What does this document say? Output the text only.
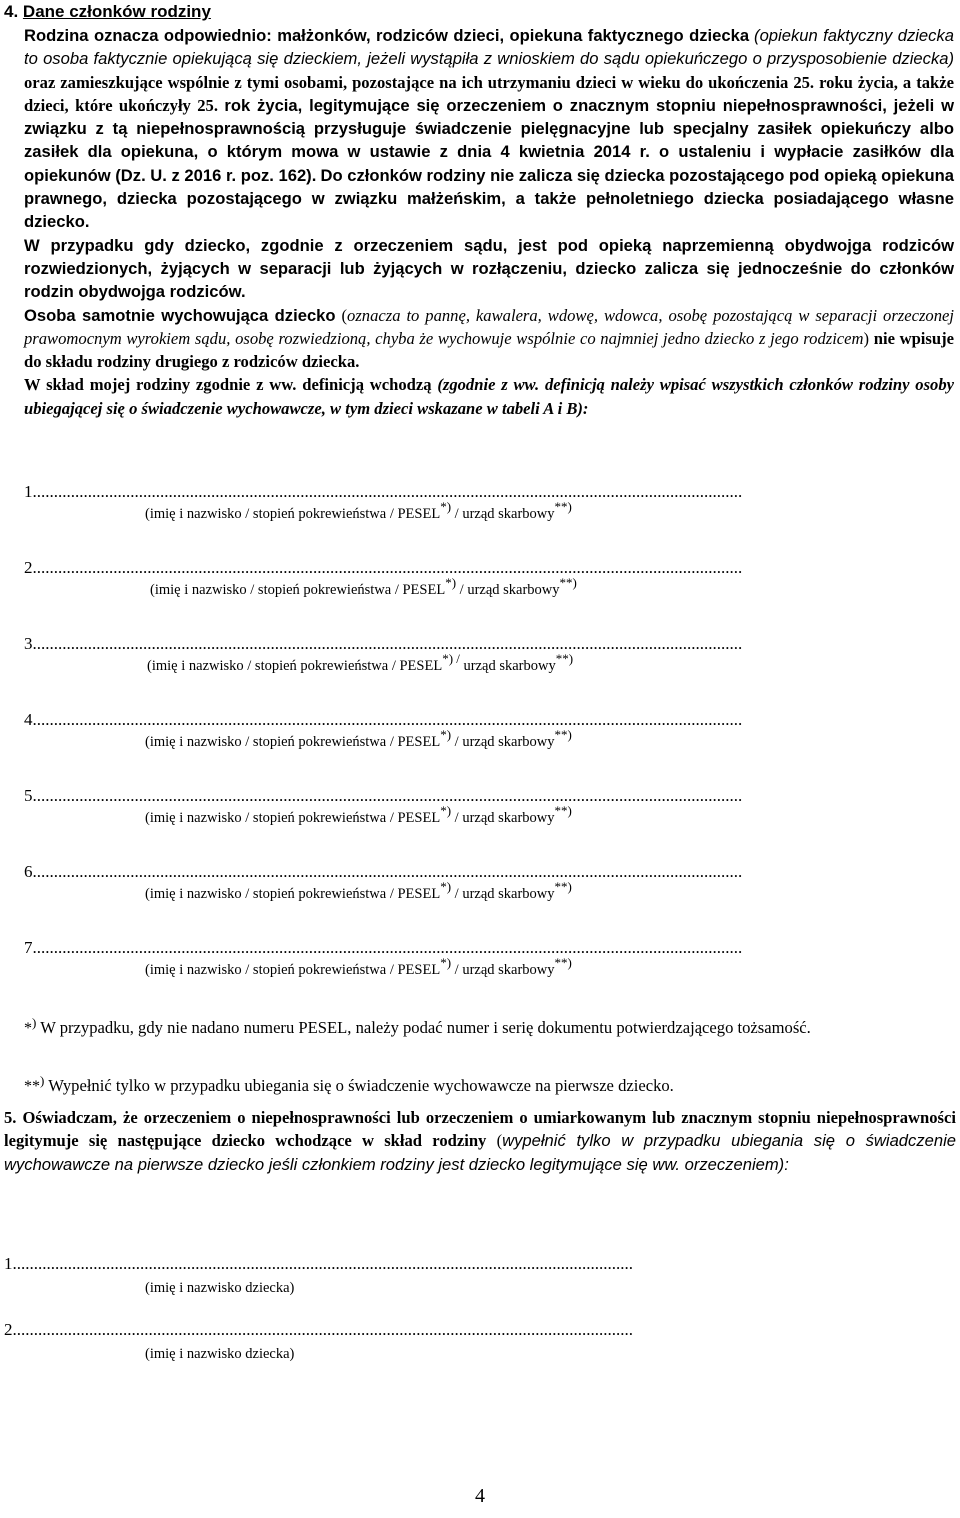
4. Dane członków rodziny

Rodzina oznacza odpowiednio: małżonków, rodziców dzieci, opiekuna faktycznego dziecka (opiekun faktyczny dziecka to osoba faktycznie opiekującą się dzieckiem, jeżeli wystąpiła z wnioskiem do sądu opiekuńczego o przysposobienie dziecka) oraz zamieszkujące wspólnie z tymi osobami, pozostające na ich utrzymaniu dzieci w wieku do ukończenia 25. roku życia, a także dzieci, które ukończyły 25. rok życia, legitymujące się orzeczeniem o znacznym stopniu niepełnosprawności, jeżeli w związku z tą niepełnosprawnością przysługuje świadczenie pielęgnacyjne lub specjalny zasiłek opiekuńczy albo zasiłek dla opiekuna, o którym mowa w ustawie z dnia 4 kwietnia 2014 r. o ustaleniu i wypłacie zasiłków dla opiekunów (Dz. U. z 2016 r. poz. 162). Do członków rodziny nie zalicza się dziecka pozostającego pod opieką opiekuna prawnego, dziecka pozostającego w związku małżeńskim, a także pełnoletniego dziecka posiadającego własne dziecko.

W przypadku gdy dziecko, zgodnie z orzeczeniem sądu, jest pod opieką naprzemienną obydwojga rodziców rozwiedzionych, żyjących w separacji lub żyjących w rozłączeniu, dziecko zalicza się jednocześnie do członków rodzin obydwojga rodziców.

Osoba samotnie wychowująca dziecko (oznacza to pannę, kawalera, wdowę, wdowca, osobę pozostającą w separacji orzeczonej prawomocnym wyrokiem sądu, osobę rozwiedzioną, chyba że wychowuje wspólnie co najmniej jedno dziecko z jego rodzicem) nie wpisuje do składu rodziny drugiego z rodziców dziecka.

W skład mojej rodziny zgodnie z ww. definicją wchodzą (zgodnie z ww. definicją należy wpisać wszystkich członków rodziny osoby ubiegającej się o świadczenie wychowawcze, w tym dzieci wskazane w tabeli A i B):

1.......................................................................................................................................................................
(imię i nazwisko / stopień pokrewieństwa / PESEL*) / urząd skarbowy**)
2.......................................................................................................................................................................
(imię i nazwisko / stopień pokrewieństwa / PESEL*) / urząd skarbowy**)
3.......................................................................................................................................................................
(imię i nazwisko / stopień pokrewieństwa / PESEL*) / urząd skarbowy**)
4.......................................................................................................................................................................
(imię i nazwisko / stopień pokrewieństwa / PESEL*) / urząd skarbowy**)
5.......................................................................................................................................................................
(imię i nazwisko / stopień pokrewieństwa / PESEL*) / urząd skarbowy**)
6.......................................................................................................................................................................
(imię i nazwisko / stopień pokrewieństwa / PESEL*) / urząd skarbowy**)
7.......................................................................................................................................................................
(imię i nazwisko / stopień pokrewieństwa / PESEL*) / urząd skarbowy**)
*) W przypadku, gdy nie nadano numeru PESEL, należy podać numer i serię dokumentu potwierdzającego tożsamość.
**) Wypełnić tylko w przypadku ubiegania się o świadczenie wychowawcze na pierwsze dziecko.
5. Oświadczam, że orzeczeniem o niepełnosprawności lub orzeczeniem o umiarkowanym lub znacznym stopniu niepełnosprawności legitymuje się następujące dziecko wchodzące w skład rodziny (wypełnić tylko w przypadku ubiegania się o świadczenie wychowawcze na pierwsze dziecko jeśli członkiem rodziny jest dziecko legitymujące się ww. orzeczeniem):
1..................................................................................................................................................
(imię i nazwisko dziecka)
2..................................................................................................................................................
(imię i nazwisko dziecka)
4
